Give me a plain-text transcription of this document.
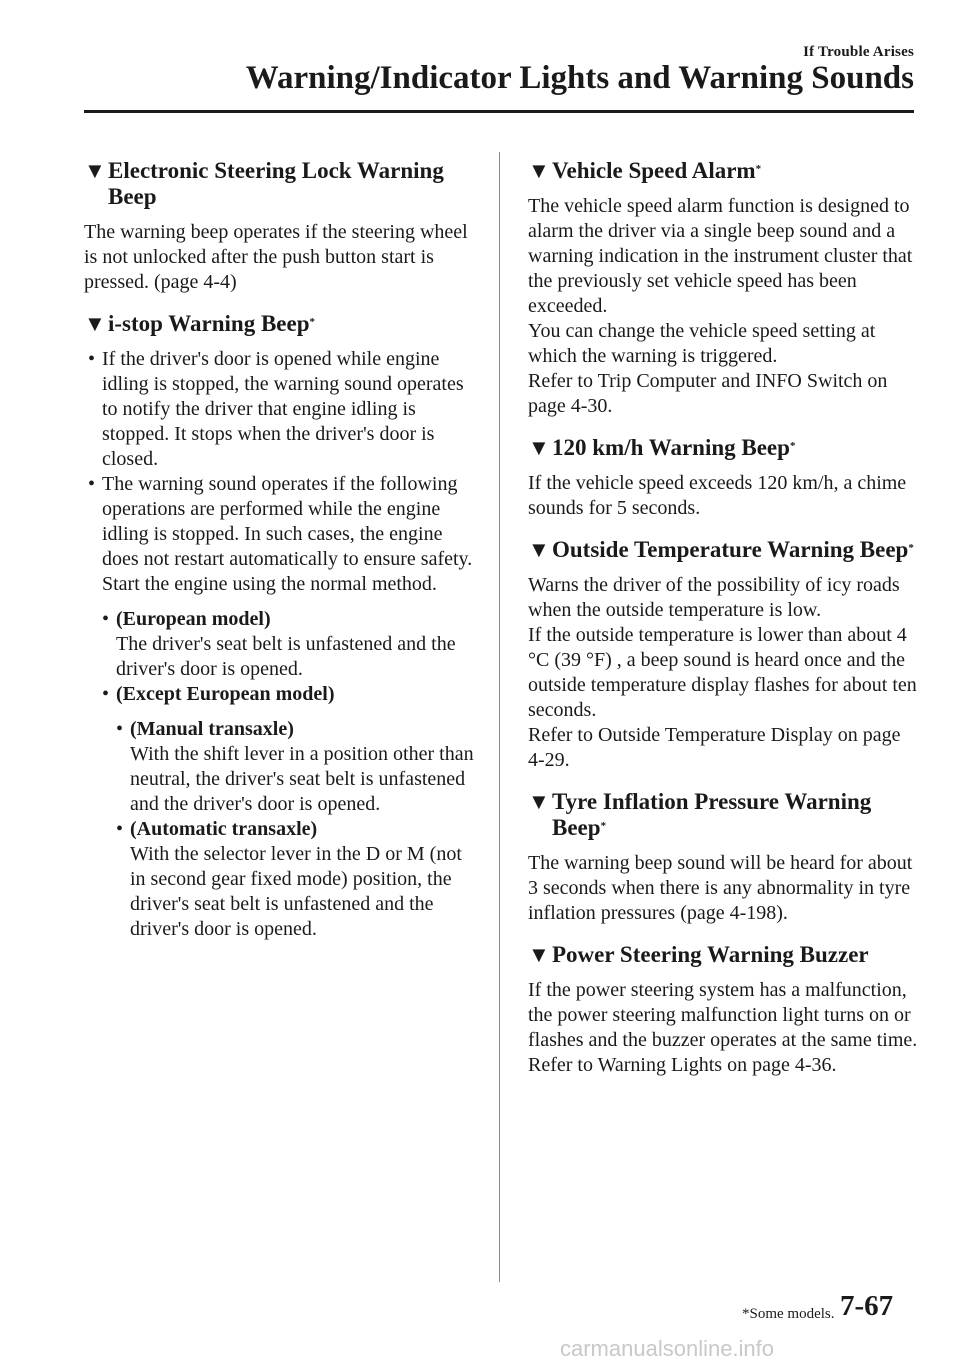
If Trouble Arises
Warning/Indicator Lights and Warning Sounds
▼ Electronic Steering Lock Warning Beep

The warning beep operates if the steering wheel is not unlocked after the push button start is pressed. (page 4-4)

▼ i-stop Warning Beep*
• If the driver's door is opened while engine idling is stopped, the warning sound operates to notify the driver that engine idling is stopped. It stops when the driver's door is closed.
• The warning sound operates if the following operations are performed while the engine idling is stopped. In such cases, the engine does not restart automatically to ensure safety. Start the engine using the normal method.
• (European model)
The driver's seat belt is unfastened and the driver's door is opened.
• (Except European model)
• (Manual transaxle)
With the shift lever in a position other than neutral, the driver's seat belt is unfastened and the driver's door is opened.
• (Automatic transaxle)
With the selector lever in the D or M (not in second gear fixed mode) position, the driver's seat belt is unfastened and the driver's door is opened.
▼ Vehicle Speed Alarm*

The vehicle speed alarm function is designed to alarm the driver via a single beep sound and a warning indication in the instrument cluster that the previously set vehicle speed has been exceeded.

You can change the vehicle speed setting at which the warning is triggered.

Refer to Trip Computer and INFO Switch on page 4-30.

▼ 120 km/h Warning Beep*

If the vehicle speed exceeds 120 km/h, a chime sounds for 5 seconds.

▼ Outside Temperature Warning Beep*

Warns the driver of the possibility of icy roads when the outside temperature is low.

If the outside temperature is lower than about 4 °C (39 °F) , a beep sound is heard once and the outside temperature display flashes for about ten seconds.

Refer to Outside Temperature Display on page 4-29.

▼ Tyre Inflation Pressure Warning Beep*

The warning beep sound will be heard for about 3 seconds when there is any abnormality in tyre inflation pressures (page 4-198).

▼ Power Steering Warning Buzzer

If the power steering system has a malfunction, the power steering malfunction light turns on or flashes and the buzzer operates at the same time.

Refer to Warning Lights on page 4-36.

*Some models. 7-67
carmanualsonline.info
